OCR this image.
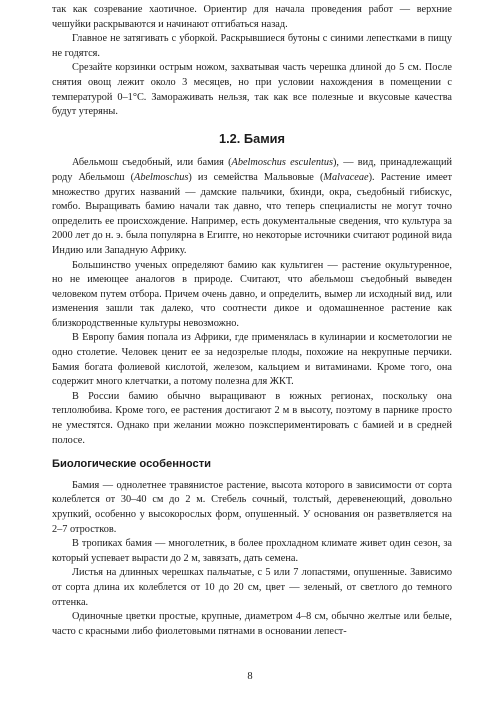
так как созревание хаотичное. Ориентир для начала проведения работ — верхние чешуйки раскрываются и начинают отгибаться назад.

Главное не затягивать с уборкой. Раскрывшиеся бутоны с синими лепестками в пищу не годятся.

Срезайте корзинки острым ножом, захватывая часть черешка длиной до 5 см. После снятия овощ лежит около 3 месяцев, но при условии нахождения в помещении с температурой 0–1°С. Замораживать нельзя, так как все полезные и вкусовые качества будут утеряны.

1.2. Бамия

Абельмош съедобный, или бамия (Abelmoschus esculentus), — вид, принадлежащий роду Абельмош (Abelmoschus) из семейства Мальвовые (Malvaceae). Растение имеет множество других названий — дамские пальчики, бхинди, окра, съедобный гибискус, гомбо. Выращивать бамию начали так давно, что теперь специалисты не могут точно определить ее происхождение. Например, есть документальные сведения, что культура за 2000 лет до н. э. была популярна в Египте, но некоторые источники считают родиной вида Индию или Западную Африку.

Большинство ученых определяют бамию как культиген — растение окультуренное, но не имеющее аналогов в природе. Считают, что абельмош съедобный выведен человеком путем отбора. Причем очень давно, и определить, вымер ли исходный вид, или изменения зашли так далеко, что соотнести дикое и одомашненное растение как близкородственные культуры невозможно.

В Европу бамия попала из Африки, где применялась в кулинарии и косметологии не одно столетие. Человек ценит ее за недозрелые плоды, похожие на некрупные перчики. Бамия богата фолиевой кислотой, железом, кальцием и витаминами. Кроме того, она содержит много клетчатки, а потому полезна для ЖКТ.

В России бамию обычно выращивают в южных регионах, поскольку она теплолюбива. Кроме того, ее растения достигают 2 м в высоту, поэтому в парнике просто не уместятся. Однако при желании можно поэкспериментировать с бамией и в средней полосе.

Биологические особенности

Бамия — однолетнее травянистое растение, высота которого в зависимости от сорта колеблется от 30–40 см до 2 м. Стебель сочный, толстый, деревенеющий, довольно хрупкий, особенно у высокорослых форм, опушенный. У основания он разветвляется на 2–7 отростков.

В тропиках бамия — многолетник, в более прохладном климате живет один сезон, за который успевает вырасти до 2 м, завязать, дать семена.

Листья на длинных черешках пальчатые, с 5 или 7 лопастями, опушенные. Зависимо от сорта длина их колеблется от 10 до 20 см, цвет — зеленый, от светлого до темного оттенка.

Одиночные цветки простые, крупные, диаметром 4–8 см, обычно желтые или белые, часто с красными либо фиолетовыми пятнами в основании лепест-

8
